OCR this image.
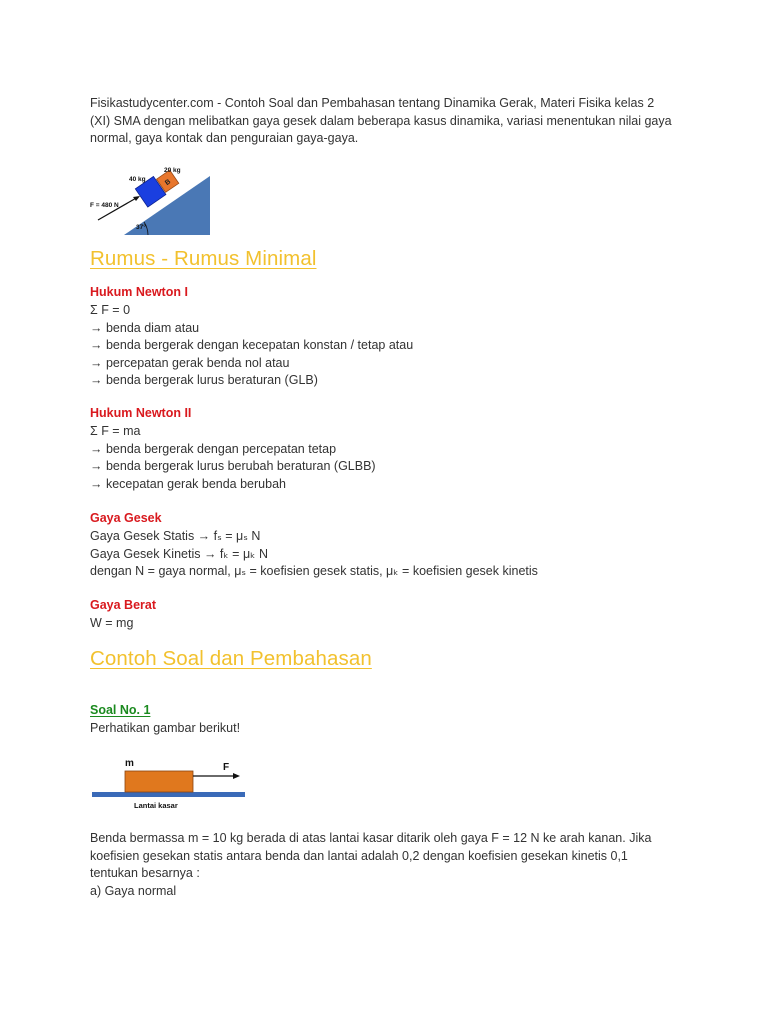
Fisikastudycenter.com - Contoh Soal dan Pembahasan tentang Dinamika Gerak, Materi Fisika kelas 2
(XI) SMA dengan melibatkan gaya gesek dalam beberapa kasus dinamika, variasi menentukan nilai gaya
normal, gaya kontak dan penguraian gaya-gaya.
B
40 kg
20 kg
F = 480 N
37°
Rumus - Rumus Minimal
Hukum Newton I
Σ F = 0
→ benda diam atau
→ benda bergerak dengan kecepatan konstan / tetap atau
→ percepatan gerak benda nol atau
→ benda bergerak lurus beraturan (GLB)
Hukum Newton II
Σ F = ma
→ benda bergerak dengan percepatan tetap
→ benda bergerak lurus berubah beraturan (GLBB)
→ kecepatan gerak benda berubah
Gaya Gesek
Gaya Gesek Statis → fₛ = μₛ N
Gaya Gesek Kinetis → fₖ = μₖ N
dengan N = gaya normal, μₛ = koefisien gesek statis, μₖ = koefisien gesek kinetis
Gaya Berat
W = mg
Contoh Soal dan Pembahasan
Soal No. 1
Perhatikan gambar berikut!
m	F
Lantai kasar
Benda bermassa m = 10 kg berada di atas lantai kasar ditarik oleh gaya F = 12 N ke arah kanan. Jika
koefisien gesekan statis antara benda dan lantai adalah 0,2 dengan koefisien gesekan kinetis 0,1
tentukan besarnya :
a) Gaya normal
